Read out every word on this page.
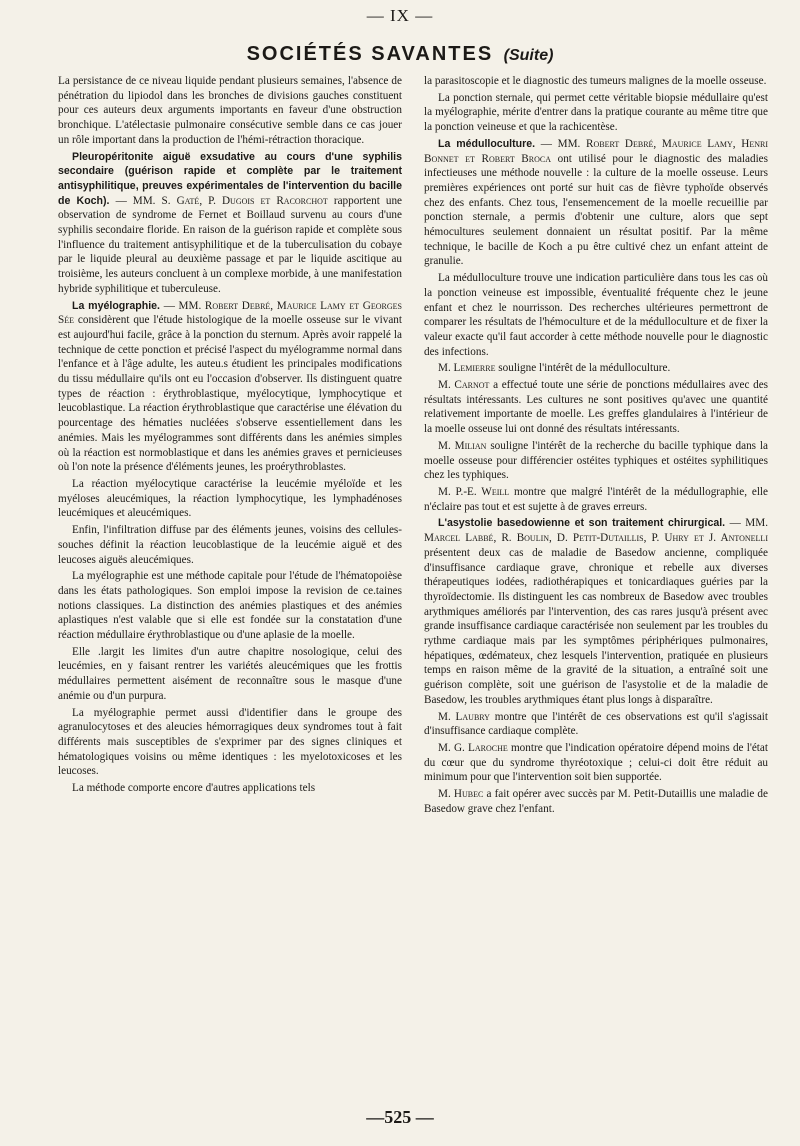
— IX —
SOCIÉTÉS SAVANTES (Suite)

La persistance de ce niveau liquide pendant plusieurs semaines, l'absence de pénétration du lipiodol dans les bronches de divisions gauches constituent pour ces auteurs deux arguments importants en faveur d'une obstruction bronchique. L'atélectasie pulmonaire consécutive semble dans ce cas jouer un rôle important dans la production de l'hémi-rétraction thoracique.

Pleuropéritonite aiguë exsudative au cours d'une syphilis secondaire (guérison rapide et complète par le traitement antisyphilitique, preuves expérimentales de l'intervention du bacille de Koch). — MM. S. Gaté, P. Dugois et Racorchot rapportent une observation de syndrome de Fernet et Boillaud survenu au cours d'une syphilis secondaire floride. En raison de la guérison rapide et complète sous l'influence du traitement antisyphilitique et de la tuberculisation du cobaye par le liquide pleural au deuxième passage et par le liquide ascitique au troisième, les auteurs concluent à un complexe morbide, à une manifestation hybride syphilitique et tuberculeuse.

La myélographie. — MM. Robert Debré, Maurice Lamy et Georges Sée considèrent que l'étude histologique de la moelle osseuse sur le vivant est aujourd'hui facile, grâce à la ponction du sternum. Après avoir rappelé la technique de cette ponction et précisé l'aspect du myélogramme normal dans l'enfance et à l'âge adulte, les auteu.s étudient les principales modifications du tissu médullaire qu'ils ont eu l'occasion d'observer. Ils distinguent quatre types de réaction : érythroblastique, myélocytique, lymphocytique et leucoblastique. La réaction érythroblastique que caractérise une élévation du pourcentage des hématies nucléées s'observe essentiellement dans les anémies. Mais les myélogrammes sont différents dans les anémies simples où la réaction est normoblastique et dans les anémies graves et pernicieuses où l'on note la présence d'éléments jeunes, les proérythroblastes.

La réaction myélocytique caractérise la leucémie myéloïde et les myéloses aleucémiques, la réaction lymphocytique, les lymphadénoses leucémiques et aleucémiques.

Enfin, l'infiltration diffuse par des éléments jeunes, voisins des cellules-souches définit la réaction leucoblastique de la leucémie aiguë et des leucoses aiguës aleucémiques.

La myélographie est une méthode capitale pour l'étude de l'hématopoièse dans les états pathologiques. Son emploi impose la revision de ce.taines notions classiques. La distinction des anémies plastiques et des anémies aplastiques n'est valable que si elle est fondée sur la constatation d'une réaction médullaire érythroblastique ou d'une aplasie de la moelle.

Elle .largit les limites d'un autre chapitre nosologique, celui des leucémies, en y faisant rentrer les variétés aleucémiques que les frottis médullaires permettent aisément de reconnaître sous le masque d'une anémie ou d'un purpura.

La myélographie permet aussi d'identifier dans le groupe des agranulocytoses et des aleucies hémorragiques deux syndromes tout à fait différents mais susceptibles de s'exprimer par des signes cliniques et hématologiques voisins ou même identiques : les myelotoxicoses et les leucoses.

La méthode comporte encore d'autres applications tels

la parasitoscopie et le diagnostic des tumeurs malignes de la moelle osseuse.

La ponction sternale, qui permet cette véritable biopsie médullaire qu'est la myélographie, mérite d'entrer dans la pratique courante au même titre que la ponction veineuse et que la rachicentèse.

La médulloculture. — MM. Robert Debré, Maurice Lamy, Henri Bonnet et Robert Broca ont utilisé pour le diagnostic des maladies infectieuses une méthode nouvelle : la culture de la moelle osseuse. Leurs premières expériences ont porté sur huit cas de fièvre typhoïde observés chez des enfants. Chez tous, l'ensemencement de la moelle recueillie par ponction sternale, a permis d'obtenir une culture, alors que sept hémocultures seulement donnaient un résultat positif. Par la même technique, le bacille de Koch a pu être cultivé chez un enfant atteint de granulie.

La médulloculture trouve une indication particulière dans tous les cas où la ponction veineuse est impossible, éventualité fréquente chez le jeune enfant et chez le nourrisson. Des recherches ultérieures permettront de comparer les résultats de l'hémoculture et de la médulloculture et de fixer la valeur exacte qu'il faut accorder à cette méthode nouvelle pour le diagnostic des infections.

M. Lemierre souligne l'intérêt de la médulloculture.

M. Carnot a effectué toute une série de ponctions médullaires avec des résultats intéressants. Les cultures ne sont positives qu'avec une quantité relativement importante de moelle. Les greffes glandulaires à l'intérieur de la moelle osseuse lui ont donné des résultats intéressants.

M. Milian souligne l'intérêt de la recherche du bacille typhique dans la moelle osseuse pour différencier ostéites typhiques et ostéites syphilitiques chez les typhiques.

M. P.-E. Weill montre que malgré l'intérêt de la médullographie, elle n'éclaire pas tout et est sujette à de graves erreurs.

L'asystolie basedowienne et son traitement chirurgical. — MM. Marcel Labbé, R. Boulin, D. Petit-Dutaillis, P. Uhry et J. Antonelli présentent deux cas de maladie de Basedow ancienne, compliquée d'insuffisance cardiaque grave, chronique et rebelle aux diverses thérapeutiques iodées, radiothérapiques et tonicardiaques guéries par la thyroïdectomie. Ils distinguent les cas nombreux de Basedow avec troubles arythmiques améliorés par l'intervention, des cas rares jusqu'à présent avec grande insuffisance cardiaque caractérisée non seulement par les troubles du rythme cardiaque mais par les symptômes périphériques pulmonaires, hépatiques, œdémateux, chez lesquels l'intervention, pratiquée en plusieurs temps en raison même de la gravité de la situation, a entraîné soit une guérison complète, soit une guérison de l'asystolie et de la maladie de Basedow, les troubles arythmiques étant plus longs à disparaître.

M. Laubry montre que l'intérêt de ces observations est qu'il s'agissait d'insuffisance cardiaque complète.

M. G. Laroche montre que l'indication opératoire dépend moins de l'état du cœur que du syndrome thyréotoxique ; celui-ci doit être réduit au minimum pour que l'intervention soit bien supportée.

M. Hubec a fait opérer avec succès par M. Petit-Dutaillis une maladie de Basedow grave chez l'enfant.

—525 —
